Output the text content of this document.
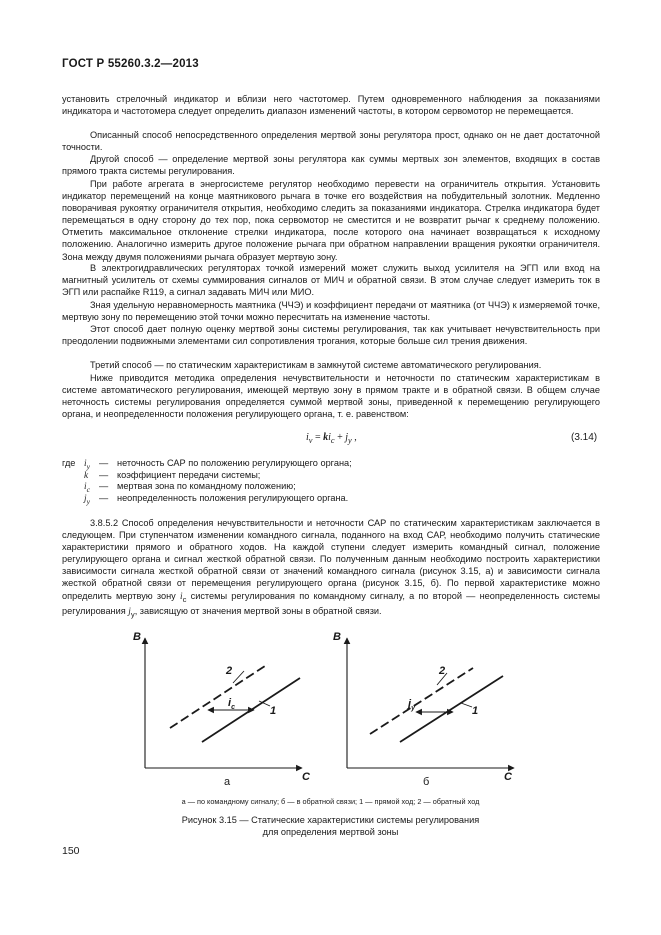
ГОСТ Р 55260.3.2—2013
установить стрелочный индикатор и вблизи него частотомер. Путем одновременного наблюдения за показаниями индикатора и частотомера следует определить диапазон изменений частоты, в котором сервомотор не перемещается.
Описанный способ непосредственного определения мертвой зоны регулятора прост, однако он не дает достаточной точности.
Другой способ — определение мертвой зоны регулятора как суммы мертвых зон элементов, входящих в состав прямого тракта системы регулирования.
При работе агрегата в энергосистеме регулятор необходимо перевести на ограничитель открытия. Установить индикатор перемещений на конце маятникового рычага в точке его воздействия на побудительный золотник. Медленно поворачивая рукоятку ограничителя открытия, необходимо следить за показаниями индикатора. Стрелка индикатора будет перемещаться в одну сторону до тех пор, пока сервомотор не сместится и не возвратит рычаг к среднему положению. Отметить максимальное отклонение стрелки индикатора, после которого она начинает возвращаться к исходному положению. Аналогично измерить другое положение рычага при обратном направлении вращения рукоятки ограничителя. Зона между двумя положениями рычага образует мертвую зону.
В электрогидравлических регуляторах точкой измерений может служить выход усилителя на ЭГП или вход на магнитный усилитель от схемы суммирования сигналов от МИЧ и обратной связи. В этом случае следует измерить ток в ЭГП или распайке R119, а сигнал задавать МИЧ или МИО.
Зная удельную неравномерность маятника (ЧЧЭ) и коэффициент передачи от маятника (от ЧЧЭ) к измеряемой точке, мертвую зону по перемещению этой точки можно пересчитать на изменение частоты.
Этот способ дает полную оценку мертвой зоны системы регулирования, так как учитывает нечувствительность при преодолении подвижными элементами сил сопротивления трогания, которые больше сил трения движения.
Третий способ — по статическим характеристикам в замкнутой системе автоматического регулирования.
Ниже приводится методика определения нечувствительности и неточности по статическим характеристикам в системе автоматического регулирования, имеющей мертвую зону в прямом тракте и в обратной связи. В общем случае неточность системы регулирования определяется суммой мертвой зоны, приведенной к перемещению регулирующего органа, и неопределенности положения регулирующего органа, т. е. равенством:
$i_v = ki_c + j_y$ ,	(3.14)
где $i_y$ — неточность САР по положению регулирующего органа;
k — коэффициент передачи системы;
$i_c$ — мертвая зона по командному положению;
$j_y$ — неопределенность положения регулирующего органа.
3.8.5.2 Способ определения нечувствительности и неточности САР по статическим характеристикам заключается в следующем. При ступенчатом изменении командного сигнала, поданного на вход САР, необходимо получить статические характеристики прямого и обратного ходов. На каждой ступени следует измерить командный сигнал, положение регулирующего органа и сигнал жесткой обратной связи. По полученным данным необходимо построить характеристики зависимости сигнала жесткой обратной связи от значений командного сигнала (рисунок 3.15, а) и зависимости сигнала жесткой обратной связи от перемещения регулирующего органа (рисунок 3.15, б). По первой характеристике можно определить мертвую зону $i_с$ системы регулирования по командному сигналу, а по второй — неопределенность системы регулирования $j_у$, зависящую от значения мертвой зоны в обратной связи.
B
C
2
1
$i_c$
B
C
2
1
$j_y$
а	б
а — по командному сигналу; б — в обратной связи; 1 — прямой ход; 2 — обратный ход
Рисунок 3.15 — Статические характеристики системы регулирования
для определения мертвой зоны
150
